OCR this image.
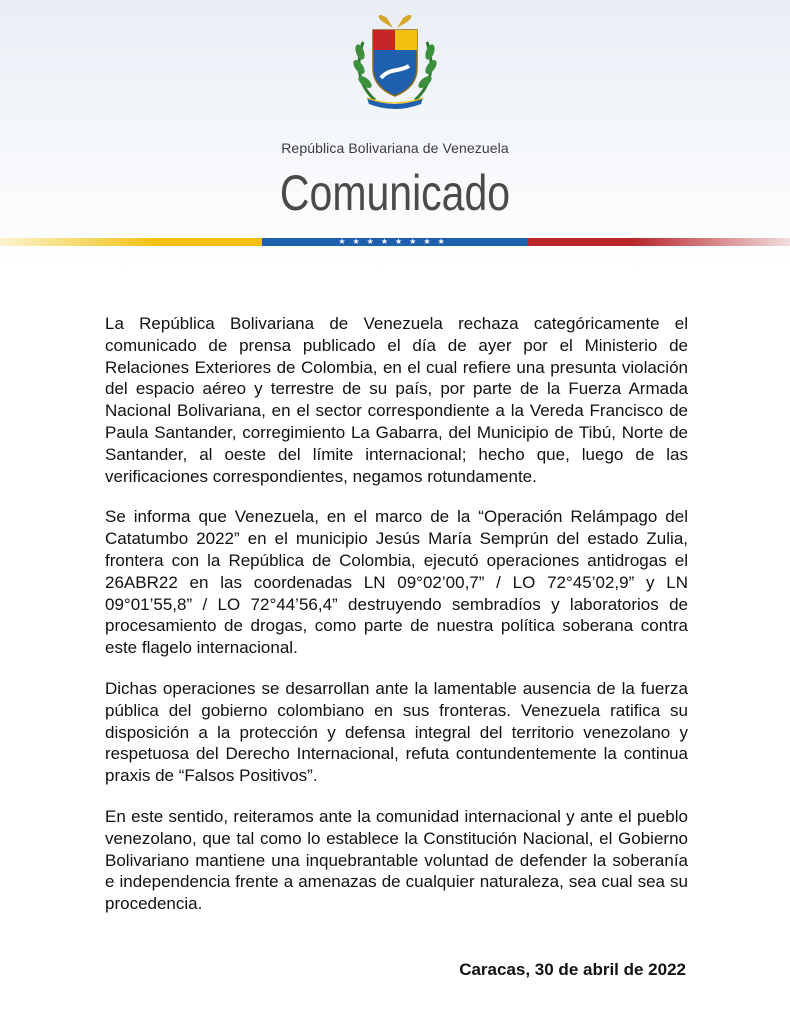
República Bolivariana de Venezuela
Comunicado
★★★★★★★★

La República Bolivariana de Venezuela rechaza categóricamente el comunicado de prensa publicado el día de ayer por el Ministerio de Relaciones Exteriores de Colombia, en el cual refiere una presunta violación del espacio aéreo y terrestre de su país, por parte de la Fuerza Armada Nacional Bolivariana, en el sector correspondiente a la Vereda Francisco de Paula Santander, corregimiento La Gabarra, del Municipio de Tibú, Norte de Santander, al oeste del límite internacional; hecho que, luego de las verificaciones correspondientes, negamos rotundamente.

Se informa que Venezuela, en el marco de la “Operación Relámpago del Catatumbo 2022” en el municipio Jesús María Semprún del estado Zulia, frontera con la República de Colombia, ejecutó operaciones antidrogas el 26ABR22 en las coordenadas LN 09°02’00,7” / LO 72°45’02,9” y LN 09°01’55,8” / LO 72°44’56,4” destruyendo sembradíos y laboratorios de procesamiento de drogas, como parte de nuestra política soberana contra este flagelo internacional.

Dichas operaciones se desarrollan ante la lamentable ausencia de la fuerza pública del gobierno colombiano en sus fronteras. Venezuela ratifica su disposición a la protección y defensa integral del territorio venezolano y respetuosa del Derecho Internacional, refuta contundentemente la continua praxis de “Falsos Positivos”.

En este sentido, reiteramos ante la comunidad internacional y ante el pueblo venezolano, que tal como lo establece la Constitución Nacional, el Gobierno Bolivariano mantiene una inquebrantable voluntad de defender la soberanía e independencia frente a amenazas de cualquier naturaleza, sea cual sea su procedencia.

Caracas, 30 de abril de 2022
